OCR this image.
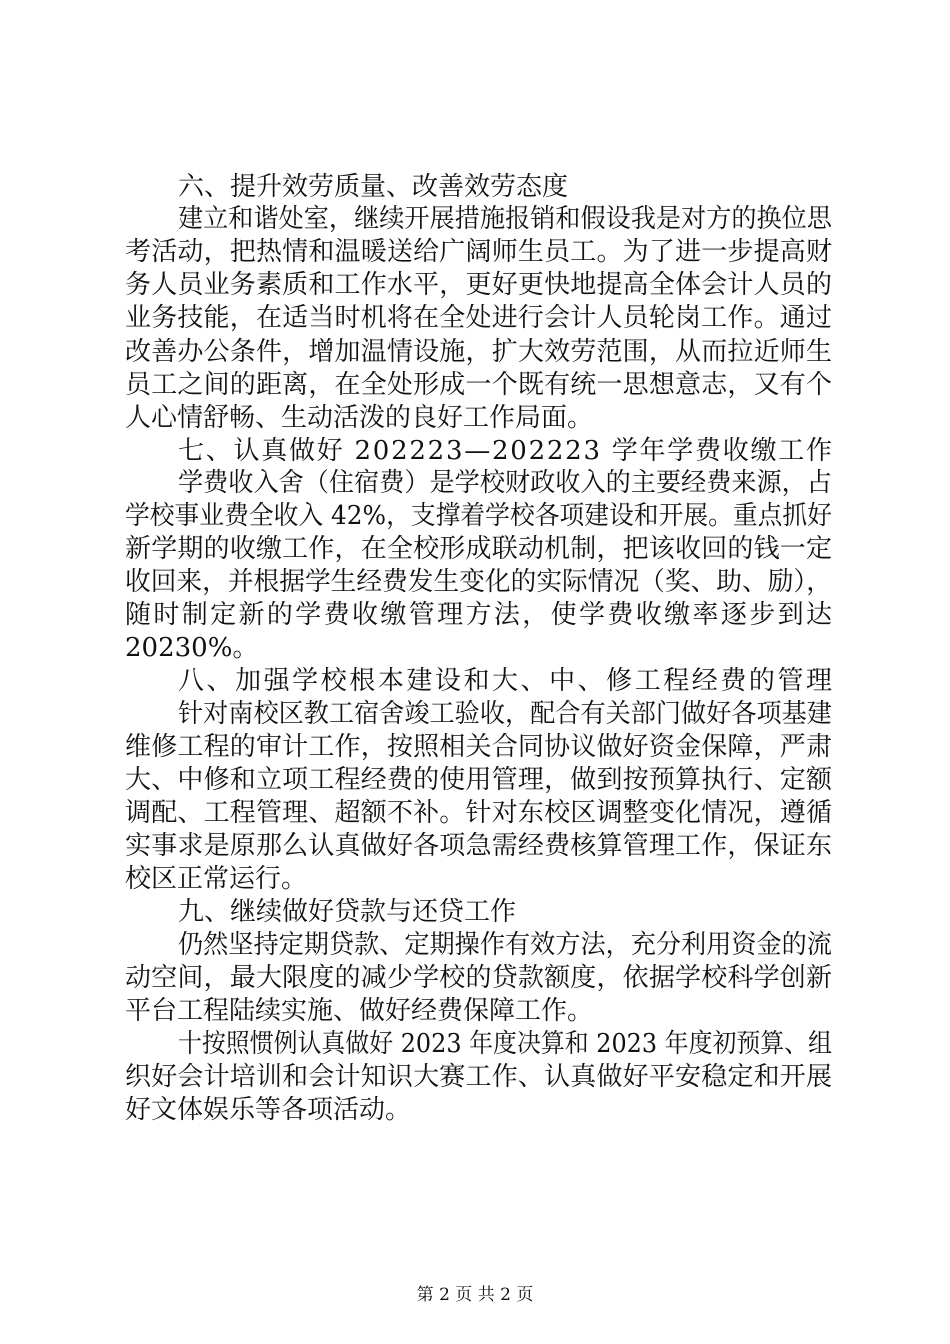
六、提升效劳质量、改善效劳态度
建立和谐处室，继续开展措施报销和假设我是对方的换位思
考活动，把热情和温暖送给广阔师生员工。为了进一步提高财
务人员业务素质和工作水平，更好更快地提高全体会计人员的
业务技能，在适当时机将在全处进行会计人员轮岗工作。通过
改善办公条件，增加温情设施，扩大效劳范围，从而拉近师生
员工之间的距离，在全处形成一个既有统一思想意志，又有个
人心情舒畅、生动活泼的良好工作局面。
七、认真做好 202223—202223 学年学费收缴工作
学费收入舍（住宿费）是学校财政收入的主要经费来源，占
学校事业费全收入 42%，支撑着学校各项建设和开展。重点抓好
新学期的收缴工作，在全校形成联动机制，把该收回的钱一定
收回来，并根据学生经费发生变化的实际情况（奖、助、励），
随时制定新的学费收缴管理方法，使学费收缴率逐步到达
20230%。
八、加强学校根本建设和大、中、修工程经费的管理
针对南校区教工宿舍竣工验收，配合有关部门做好各项基建
维修工程的审计工作，按照相关合同协议做好资金保障，严肃
大、中修和立项工程经费的使用管理，做到按预算执行、定额
调配、工程管理、超额不补。针对东校区调整变化情况，遵循
实事求是原那么认真做好各项急需经费核算管理工作，保证东
校区正常运行。
九、继续做好贷款与还贷工作
仍然坚持定期贷款、定期操作有效方法，充分利用资金的流
动空间，最大限度的减少学校的贷款额度，依据学校科学创新
平台工程陆续实施、做好经费保障工作。
十按照惯例认真做好 2023 年度决算和 2023 年度初预算、组
织好会计培训和会计知识大赛工作、认真做好平安稳定和开展
好文体娱乐等各项活动。
第 2 页 共 2 页
